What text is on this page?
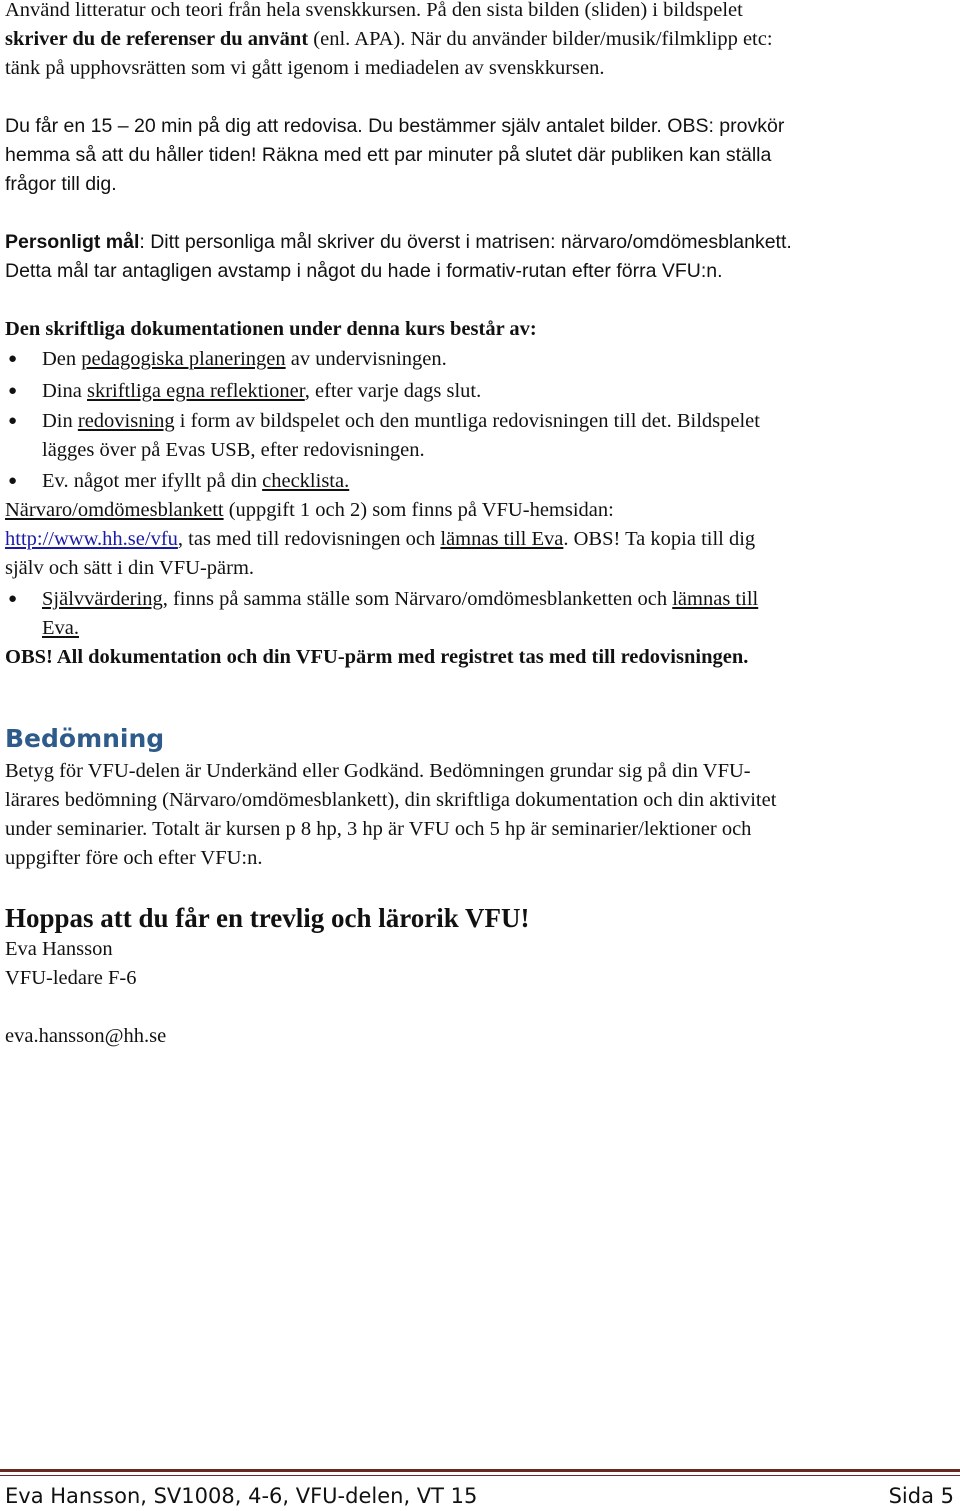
Använd litteratur och teori från hela svenskkursen. På den sista bilden (sliden) i bildspelet
skriver du de referenser du använt (enl. APA). När du använder bilder/musik/filmklipp etc:
tänk på upphovsrätten som vi gått igenom i mediadelen av svenskkursen.
Du får en 15 – 20 min på dig att redovisa. Du bestämmer själv antalet bilder. OBS: provkör
hemma så att du håller tiden! Räkna med ett par minuter på slutet där publiken kan ställa
frågor till dig.
Personligt mål: Ditt personliga mål skriver du överst i matrisen: närvaro/omdömesblankett.
Detta mål tar antagligen avstamp i något du hade i formativ-rutan efter förra VFU:n.
Den skriftliga dokumentationen under denna kurs består av:
● Den pedagogiska planeringen av undervisningen.
● Dina skriftliga egna reflektioner, efter varje dags slut.
● Din redovisning i form av bildspelet och den muntliga redovisningen till det. Bildspelet
lägges över på Evas USB, efter redovisningen.
● Ev. något mer ifyllt på din checklista.
Närvaro/omdömesblankett (uppgift 1 och 2) som finns på VFU-hemsidan:
http://www.hh.se/vfu, tas med till redovisningen och lämnas till Eva. OBS! Ta kopia till dig
själv och sätt i din VFU-pärm.
● Självvärdering, finns på samma ställe som Närvaro/omdömesblanketten och lämnas till
Eva.
OBS! All dokumentation och din VFU-pärm med registret tas med till redovisningen.
Bedömning
Betyg för VFU-delen är Underkänd eller Godkänd. Bedömningen grundar sig på din VFU-
lärares bedömning (Närvaro/omdömesblankett), din skriftliga dokumentation och din aktivitet
under seminarier. Totalt är kursen p 8 hp, 3 hp är VFU och 5 hp är seminarier/lektioner och
uppgifter före och efter VFU:n.
Hoppas att du får en trevlig och lärorik VFU!
Eva Hansson
VFU-ledare F-6
eva.hansson@hh.se
Eva Hansson, SV1008, 4-6, VFU-delen, VT 15	Sida 5
